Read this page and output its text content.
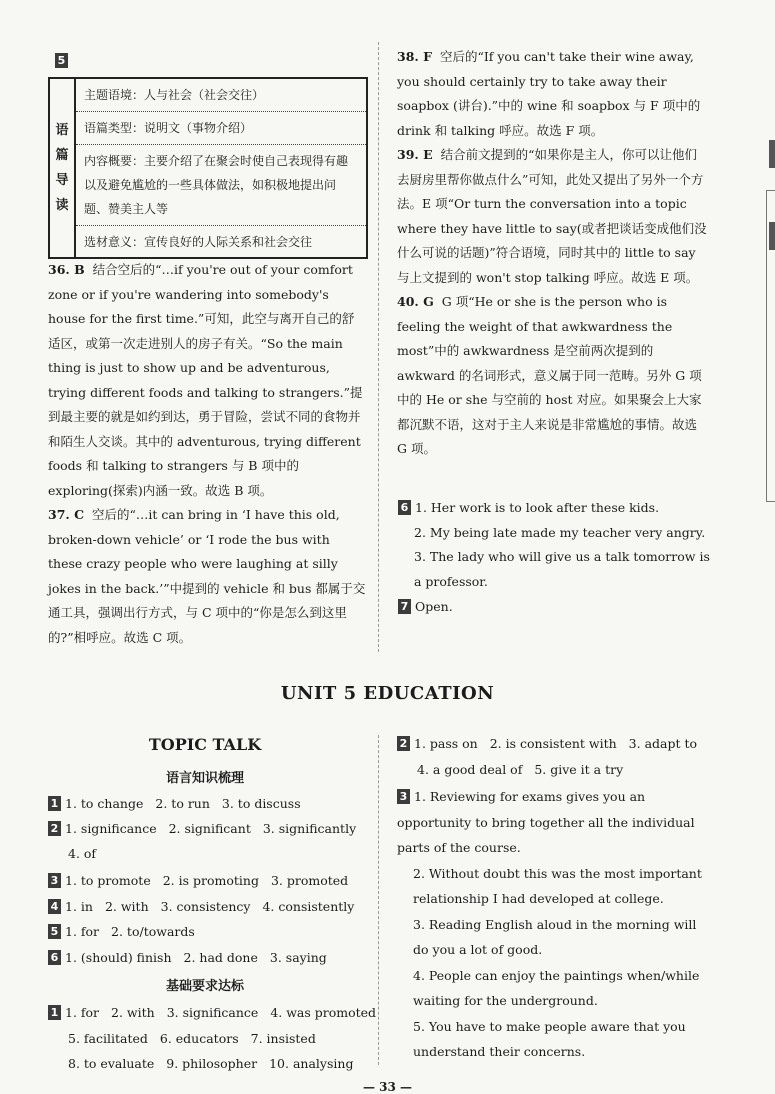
5
语
篇
导
读
主题语境：人与社会（社会交往）
语篇类型：说明文（事物介绍）
内容概要：主要介绍了在聚会时使自己表现得有趣以及避免尴尬的一些具体做法，如积极地提出问题、赞美主人等
选材意义：宣传良好的人际关系和社会交往

36. B 结合空后的“…if you're out of your comfort zone or if you're wandering into somebody's house for the first time.”可知，此空与离开自己的舒适区，或第一次走进别人的房子有关。“So the main thing is just to show up and be adventurous, trying different foods and talking to strangers.”提到最主要的就是如约到达，勇于冒险，尝试不同的食物并和陌生人交谈。其中的 adventurous, trying different foods 和 talking to strangers 与 B 项中的 exploring(探索)内涵一致。故选 B 项。

37. C 空后的“…it can bring in ‘I have this old, broken-down vehicle’ or ‘I rode the bus with these crazy people who were laughing at silly jokes in the back.’”中提到的 vehicle 和 bus 都属于交通工具，强调出行方式，与 C 项中的“你是怎么到这里的?”相呼应。故选 C 项。

38. F 空后的“If you can't take their wine away, you should certainly try to take away their soapbox (讲台).”中的 wine 和 soapbox 与 F 项中的 drink 和 talking 呼应。故选 F 项。

39. E 结合前文提到的“如果你是主人，你可以让他们去厨房里帮你做点什么”可知，此处又提出了另外一个方法。E 项“Or turn the conversation into a topic where they have little to say(或者把谈话变成他们没什么可说的话题)”符合语境，同时其中的 little to say 与上文提到的 won't stop talking 呼应。故选 E 项。

40. G G 项“He or she is the person who is feeling the weight of that awkwardness the most”中的 awkwardness 是空前两次提到的 awkward 的名词形式，意义属于同一范畴。另外 G 项中的 He or she 与空前的 host 对应。如果聚会上大家都沉默不语，这对于主人来说是非常尴尬的事情。故选 G 项。

6 1. Her work is to look after these kids.

2. My being late made my teacher very angry.

3. The lady who will give us a talk tomorrow is a professor.

7 Open.

UNIT 5 EDUCATION
TOPIC TALK
语言知识梳理
1 1. to change 2. to run 3. to discuss
2 1. significance 2. significant 3. significantly
4. of
3 1. to promote 2. is promoting 3. promoted
4 1. in 2. with 3. consistency 4. consistently
5 1. for 2. to/towards
6 1. (should) finish 2. had done 3. saying
基础要求达标
1 1. for 2. with 3. significance 4. was promoted
5. facilitated 6. educators 7. insisted
8. to evaluate 9. philosopher 10. analysing
2 1. pass on 2. is consistent with 3. adapt to
4. a good deal of 5. give it a try

3 1. Reviewing for exams gives you an opportunity to bring together all the individual parts of the course.

2. Without doubt this was the most important relationship I had developed at college.

3. Reading English aloud in the morning will do you a lot of good.

4. People can enjoy the paintings when/while waiting for the underground.

5. You have to make people aware that you understand their concerns.

— 33 —
